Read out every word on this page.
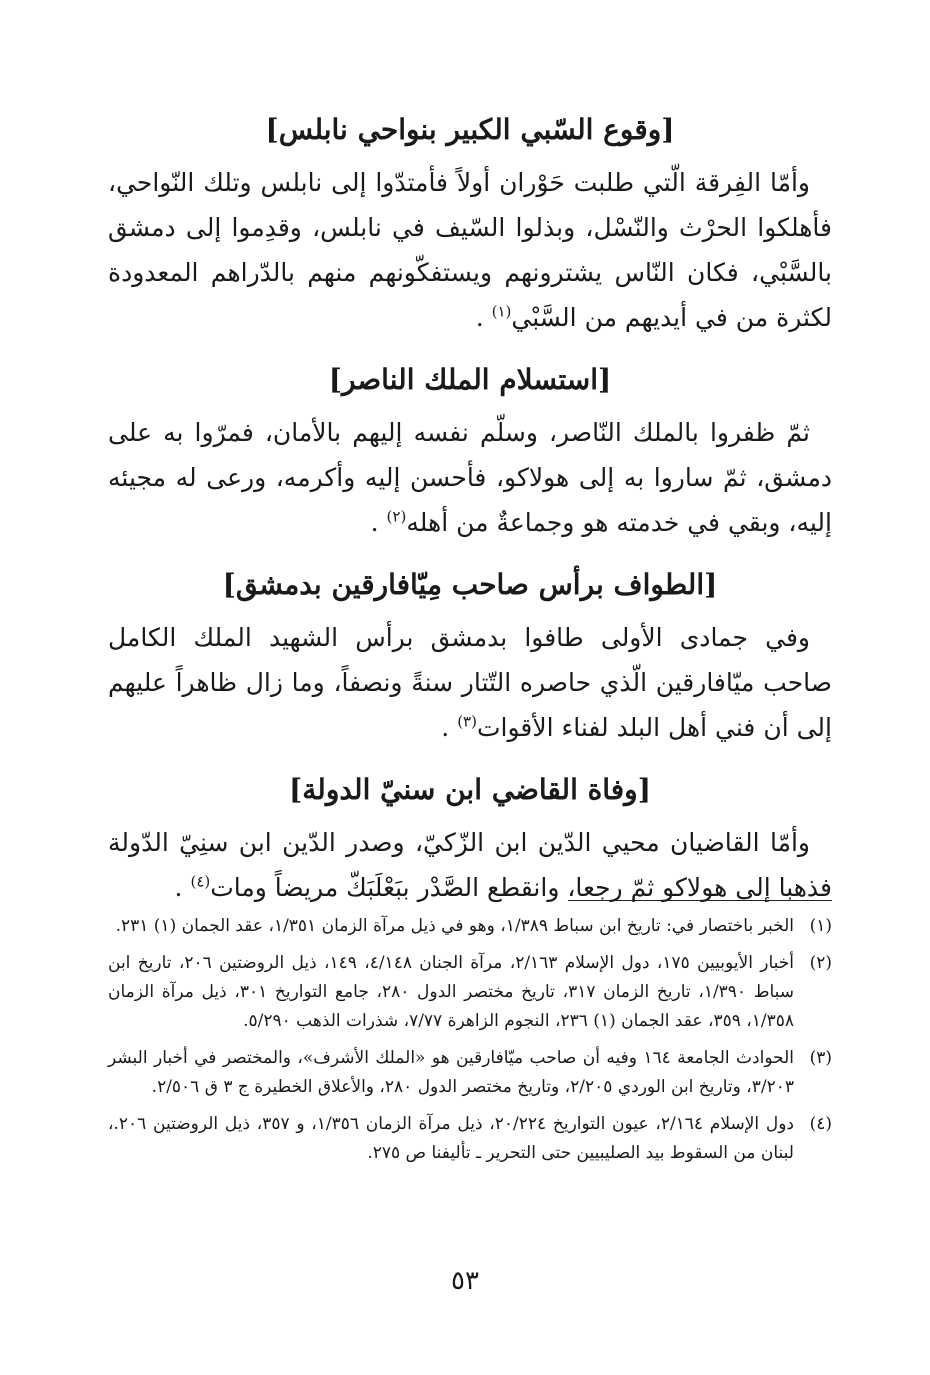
[وقوع السّبي الكبير بنواحي نابلس]

وأمّا الفِرقة الّتي طلبت حَوْران أولاً فأمتدّوا إلى نابلس وتلك النّواحي، فأهلكوا الحرْث والنّسْل، وبذلوا السّيف في نابلس، وقدِموا إلى دمشق بالسَّبْي، فكان النّاس يشترونهم ويستفكّونهم منهم بالدّراهم المعدودة لكثرة من في أيديهم من السَّبْي$^{(١)}$ .

[استسلام الملك الناصر]

ثمّ ظفروا بالملك النّاصر، وسلّم نفسه إليهم بالأمان، فمرّوا به على دمشق، ثمّ ساروا به إلى هولاكو، فأحسن إليه وأكرمه، ورعى له مجيئه إليه، وبقي في خدمته هو وجماعةٌ من أهله$^{(٢)}$ .

[الطواف برأس صاحب مِيّافارقين بدمشق]

وفي جمادى الأولى طافوا بدمشق برأس الشهيد الملك الكامل صاحب ميّافارقين الّذي حاصره التّتار سنةً ونصفاً، وما زال ظاهراً عليهم إلى أن فني أهل البلد لفناء الأقوات$^{(٣)}$ .

[وفاة القاضي ابن سنيّ الدولة]

وأمّا القاضيان محيي الدّين ابن الزّكيّ، وصدر الدّين ابن سنِيّ الدّولة فذهبا إلى هولاكو ثمّ رجعا، وانقطع الصَّدْر ببَعْلَبَكّ مريضاً ومات$^{(٤)}$ .

(١)
الخبر باختصار في: تاريخ ابن سباط ١/٣٨٩، وهو في ذيل مرآة الزمان ١/٣٥١، عقد الجمان (١) ٢٣١.
(٢)
أخبار الأيوبيين ١٧٥، دول الإسلام ٢/١٦٣، مرآة الجنان ٤/١٤٨، ١٤٩، ذيل الروضتين ٢٠٦، تاريخ ابن سباط ١/٣٩٠، تاريخ الزمان ٣١٧، تاريخ مختصر الدول ٢٨٠، جامع التواريخ ٣٠١، ذيل مرآة الزمان ١/٣٥٨، ٣٥٩، عقد الجمان (١) ٢٣٦، النجوم الزاهرة ٧/٧٧، شذرات الذهب ٥/٢٩٠.
(٣)
الحوادث الجامعة ١٦٤ وفيه أن صاحب ميّافارقين هو «الملك الأشرف»، والمختصر في أخبار البشر ٣/٢٠٣، وتاريخ ابن الوردي ٢/٢٠٥، وتاريخ مختصر الدول ٢٨٠، والأعلاق الخطيرة ج ٣ ق ٢/٥٠٦.
(٤)
دول الإسلام ٢/١٦٤، عيون التواريخ ٢٠/٢٢٤، ذيل مرآة الزمان ١/٣٥٦، و ٣٥٧، ذيل الروضتين ٢٠٦.، لبنان من السقوط بيد الصليبيين حتى التحرير ـ تأليفنا ص ٢٧٥.
٥٣
